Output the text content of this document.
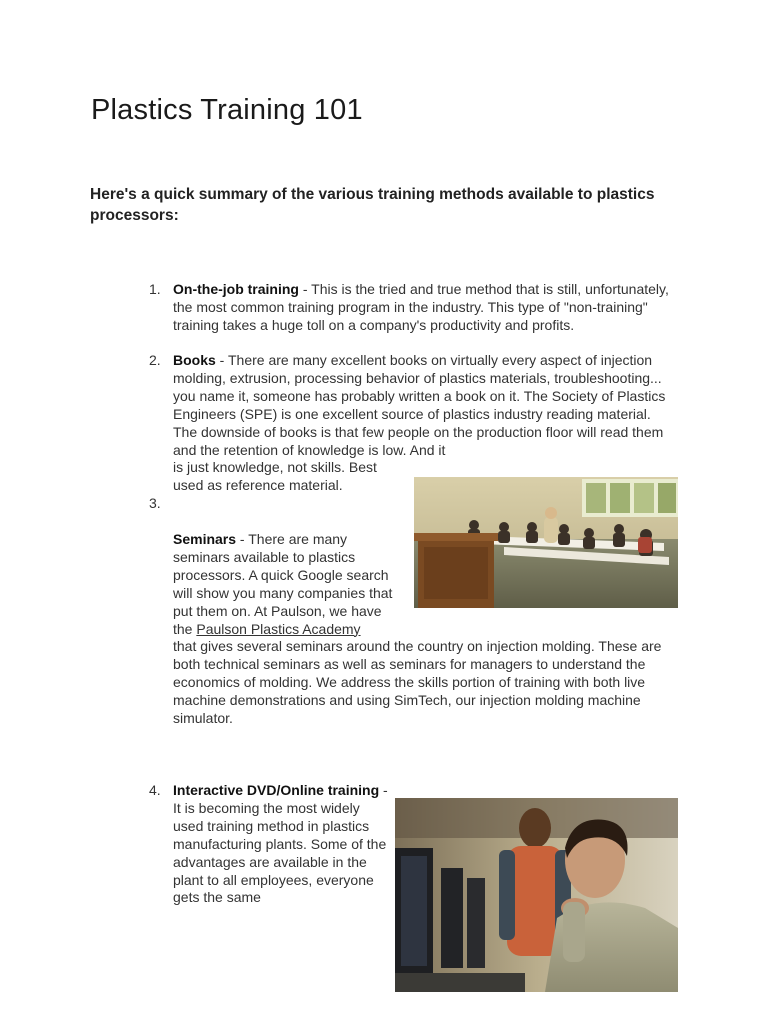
Plastics Training 101

Here's a quick summary of the various training methods available to plastics processors:

1. On-the-job training - This is the tried and true method that is still, unfortunately, the most common training program in the industry. This type of "non-training" training takes a huge toll on a company's productivity and profits.
2. Books - There are many excellent books on virtually every aspect of injection molding, extrusion, processing behavior of plastics materials, troubleshooting... you name it, someone has probably written a book on it. The Society of Plastics Engineers (SPE) is one excellent source of plastics industry reading material. The downside of books is that few people on the production floor will read them and the retention of knowledge is low. And it
is just knowledge, not skills. Best used as reference material.
3.
Seminars - There are many seminars available to plastics processors. A quick Google search will show you many companies that put them on. At Paulson, we have the Paulson Plastics Academy
that gives several seminars around the country on injection molding. These are both technical seminars as well as seminars for managers to understand the economics of molding. We address the skills portion of training with both live machine demonstrations and using SimTech, our injection molding machine simulator.
4. Interactive DVD/Online training - It is becoming the most widely used training method in plastics manufacturing plants. Some of the advantages are available in the plant to all employees, everyone gets the same
